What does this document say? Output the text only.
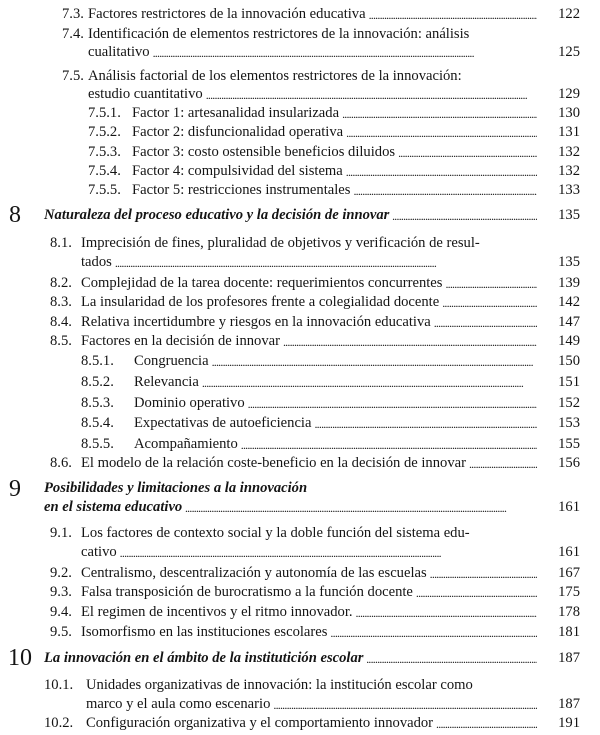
7.3. Factores restrictores de la innovación educativa . . .	122
7.4. Identificación de elementos restrictores de la innovación: análisis
cualitativo . . .	125
7.5. Análisis factorial de los elementos restrictores de la innovación:
estudio cuantitativo . . .	129
7.5.1. Factor 1: artesanalidad insularizada . . .	130
7.5.2. Factor 2: disfuncionalidad operativa . . .	131
7.5.3. Factor 3: costo ostensible beneficios diluidos . . .	132
7.5.4. Factor 4: compulsividad del sistema . . .	132
7.5.5. Factor 5: restricciones instrumentales . . .	133
8 Naturaleza del proceso educativo y la decisión de innovar . . .	135
8.1. Imprecisión de fines, pluralidad de objetivos y verificación de resul-
tados . . .	135
8.2. Complejidad de la tarea docente: requerimientos concurrentes . . .	139
8.3. La insularidad de los profesores frente a colegialidad docente . . .	142
8.4. Relativa incertidumbre y riesgos en la innovación educativa . . .	147
8.5. Factores en la decisión de innovar . . .	149
8.5.1.	Congruencia . . .	150
8.5.2.	Relevancia . . .	151
8.5.3.	Dominio operativo . . .	152
8.5.4.	Expectativas de autoeficiencia . . .	153
8.5.5.	Acompañamiento . . .	155
8.6. El modelo de la relación coste-beneficio en la decisión de innovar . . .	156
9 Posibilidades y limitaciones a la innovación
en el sistema educativo . . .	161
9.1. Los factores de contexto social y la doble función del sistema edu-
cativo . . .	161
9.2. Centralismo, descentralización y autonomía de las escuelas . . .	167
9.3. Falsa transposición de burocratismo a la función docente . . .	175
9.4. El regimen de incentivos y el ritmo innovador. . . .	178
9.5. Isomorfismo en las instituciones escolares . . .	181
10 La innovación en el ámbito de la institutición escolar . . .	187
10.1. Unidades organizativas de innovación: la institución escolar como
marco y el aula como escenario . . .	187
10.2. Configuración organizativa y el comportamiento innovador . . .	191
